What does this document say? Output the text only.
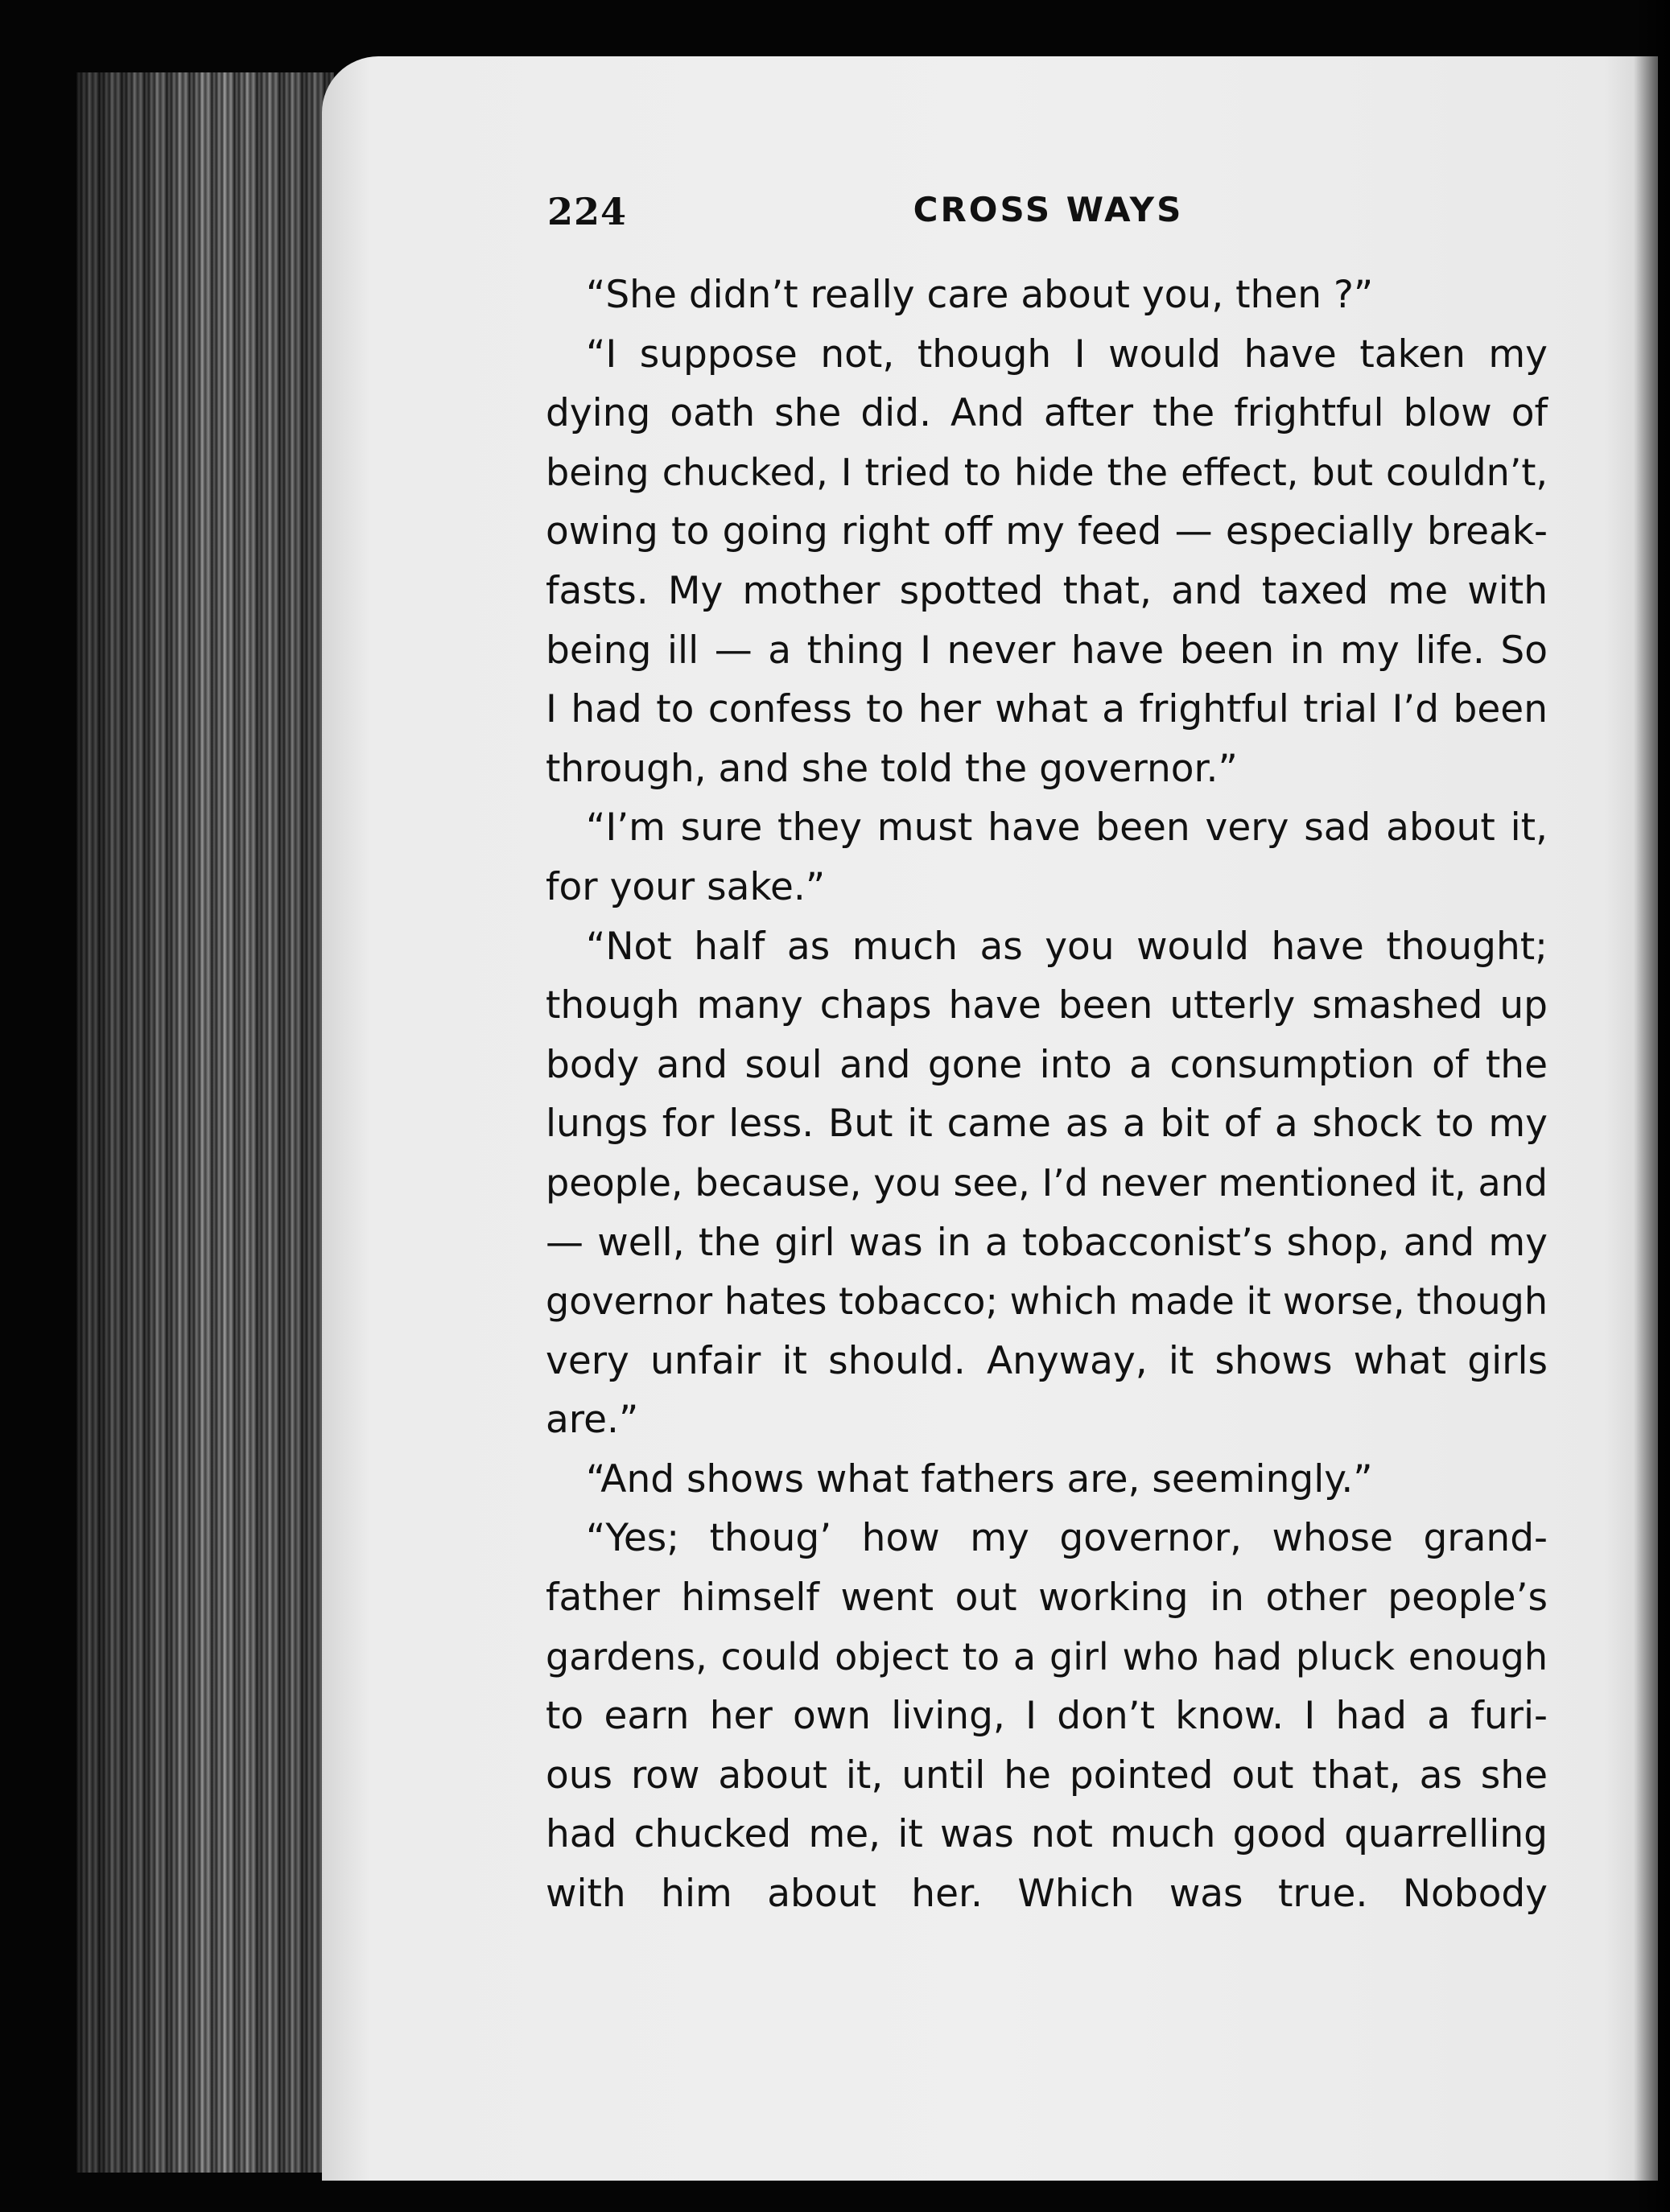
224	CROSS WAYS
“She didn’t really care about you, then ?”
“I suppose not, though I would have taken my
dying oath she did. And after the frightful blow of
being chucked, I tried to hide the effect, but couldn’t,
owing to going right off my feed — especially break-
fasts. My mother spotted that, and taxed me with
being ill — a thing I never have been in my life. So
I had to confess to her what a frightful trial I’d been
through, and she told the governor.”
“I’m sure they must have been very sad about it,
for your sake.”
“Not half as much as you would have thought;
though many chaps have been utterly smashed up
body and soul and gone into a consumption of the
lungs for less. But it came as a bit of a shock to my
people, because, you see, I’d never mentioned it, and
— well, the girl was in a tobacconist’s shop, and my
governor hates tobacco; which made it worse, though
very unfair it should. Anyway, it shows what girls
are.”
“And shows what fathers are, seemingly.”
“Yes; thoug’ how my governor, whose grand-
father himself went out working in other people’s
gardens, could object to a girl who had pluck enough
to earn her own living, I don’t know. I had a furi-
ous row about it, until he pointed out that, as she
had chucked me, it was not much good quarrelling
with him about her. Which was true. Nobody
